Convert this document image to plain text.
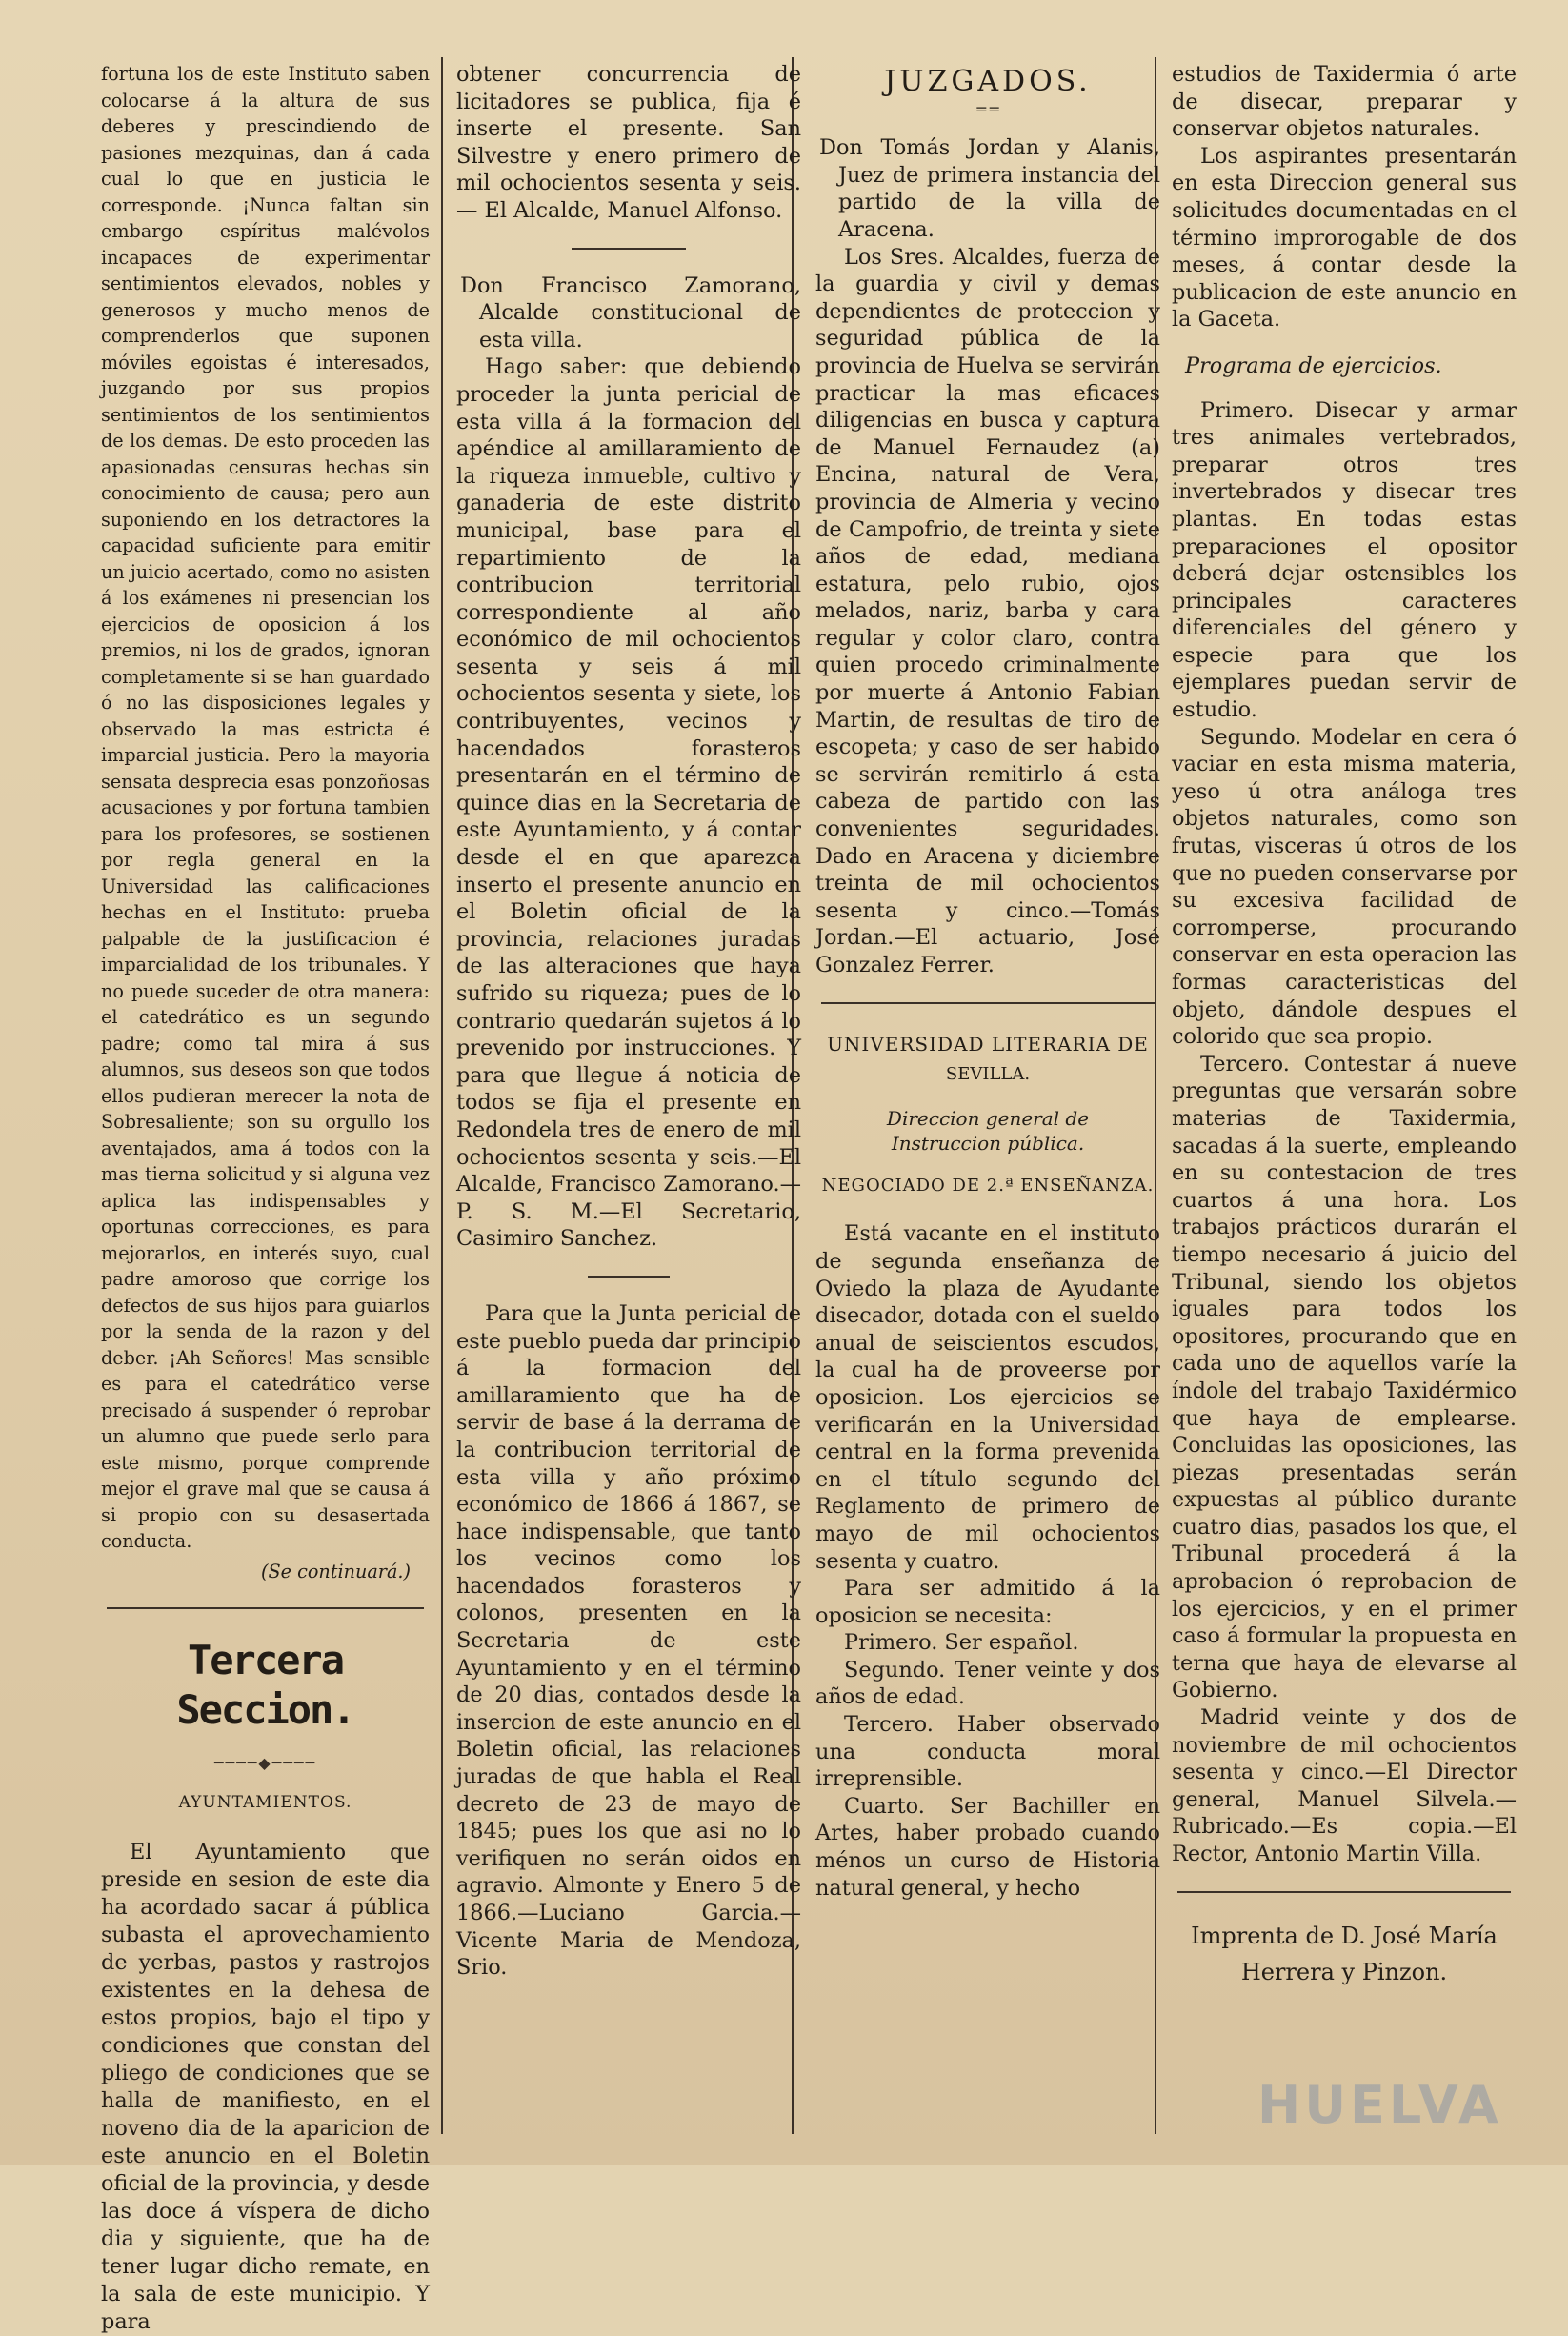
fortuna los de este Instituto saben colocarse á la altura de sus deberes y prescindiendo de pasiones mezquinas, dan á cada cual lo que en justicia le corresponde. ¡Nunca faltan sin embargo espíritus malévolos incapaces de experimentar sentimientos elevados, nobles y generosos y mucho menos de comprenderlos que suponen móviles egoistas é interesados, juzgando por sus propios sentimientos de los sentimientos de los demas. De esto proceden las apasionadas censuras hechas sin conocimiento de causa; pero aun suponiendo en los detractores la capacidad suficiente para emitir un juicio acertado, como no asisten á los exámenes ni presencian los ejercicios de oposicion á los premios, ni los de grados, ignoran completamente si se han guardado ó no las disposiciones legales y observado la mas estricta é imparcial justicia. Pero la mayoria sensata desprecia esas ponzoñosas acusaciones y por fortuna tambien para los profesores, se sostienen por regla general en la Universidad las calificaciones hechas en el Instituto: prueba palpable de la justificacion é imparcialidad de los tribunales. Y no puede suceder de otra manera: el catedrático es un segundo padre; como tal mira á sus alumnos, sus deseos son que todos ellos pudieran merecer la nota de Sobresaliente; son su orgullo los aventajados, ama á todos con la mas tierna solicitud y si alguna vez aplica las indispensables y oportunas correcciones, es para mejorarlos, en interés suyo, cual padre amoroso que corrige los defectos de sus hijos para guiarlos por la senda de la razon y del deber. ¡Ah Señores! Mas sensible es para el catedrático verse precisado á suspender ó reprobar un alumno que puede serlo para este mismo, porque comprende mejor el grave mal que se causa á si propio con su desasertada conducta.

(Se continuará.)

Tercera Seccion.
────◆────
AYUNTAMIENTOS.

El Ayuntamiento que preside en sesion de este dia ha acordado sacar á pública subasta el aprovechamiento de yerbas, pastos y rastrojos existentes en la dehesa de estos propios, bajo el tipo y condiciones que constan del pliego de condiciones que se halla de manifiesto, en el noveno dia de la aparicion de este anuncio en el Boletin oficial de la provincia, y desde las doce á víspera de dicho dia y siguiente, que ha de tener lugar dicho remate, en la sala de este municipio. Y para

obtener concurrencia de licitadores se publica, fija é inserte el presente. San Silvestre y enero primero de mil ochocientos sesenta y seis.— El Alcalde, Manuel Alfonso.

Don Francisco Zamorano, Alcalde constitucional de esta villa.

Hago saber: que debiendo proceder la junta pericial de esta villa á la formacion del apéndice al amillaramiento de la riqueza inmueble, cultivo y ganaderia de este distrito municipal, base para el repartimiento de la contribucion territorial correspondiente al año económico de mil ochocientos sesenta y seis á mil ochocientos sesenta y siete, los contribuyentes, vecinos y hacendados forasteros presentarán en el término de quince dias en la Secretaria de este Ayuntamiento, y á contar desde el en que aparezca inserto el presente anuncio en el Boletin oficial de la provincia, relaciones juradas de las alteraciones que haya sufrido su riqueza; pues de lo contrario quedarán sujetos á lo prevenido por instrucciones. Y para que llegue á noticia de todos se fija el presente en Redondela tres de enero de mil ochocientos sesenta y seis.—El Alcalde, Francisco Zamorano.—P. S. M.—El Secretario, Casimiro Sanchez.

Para que la Junta pericial de este pueblo pueda dar principio á la formacion del amillaramiento que ha de servir de base á la derrama de la contribucion territorial de esta villa y año próximo económico de 1866 á 1867, se hace indispensable, que tanto los vecinos como los hacendados forasteros y colonos, presenten en la Secretaria de este Ayuntamiento y en el término de 20 dias, contados desde la insercion de este anuncio en el Boletin oficial, las relaciones juradas de que habla el Real decreto de 23 de mayo de 1845; pues los que asi no lo verifiquen no serán oidos en agravio. Almonte y Enero 5 de 1866.—Luciano Garcia.—Vicente Maria de Mendoza, Srio.

JUZGADOS.
==

Don Tomás Jordan y Alanis, Juez de primera instancia del partido de la villa de Aracena.

Los Sres. Alcaldes, fuerza de la guardia y civil y demas dependientes de proteccion y seguridad pública de la provincia de Huelva se servirán practicar la mas eficaces diligencias en busca y captura de Manuel Fernaudez (a) Encina, natural de Vera, provincia de Almeria y vecino de Campofrio, de treinta y siete años de edad, mediana estatura, pelo rubio, ojos melados, nariz, barba y cara regular y color claro, contra quien procedo criminalmente por muerte á Antonio Fabian Martin, de resultas de tiro de escopeta; y caso de ser habido se servirán remitirlo á esta cabeza de partido con las convenientes seguridades. Dado en Aracena y diciembre treinta de mil ochocientos sesenta y cinco.—Tomás Jordan.—El actuario, José Gonzalez Ferrer.

UNIVERSIDAD LITERARIA DE
SEVILLA.
Direccion general de Instruccion pública.
NEGOCIADO DE 2.ª ENSEÑANZA.

Está vacante en el instituto de segunda enseñanza de Oviedo la plaza de Ayudante disecador, dotada con el sueldo anual de seiscientos escudos, la cual ha de proveerse por oposicion. Los ejercicios se verificarán en la Universidad central en la forma prevenida en el título segundo del Reglamento de primero de mayo de mil ochocientos sesenta y cuatro.

Para ser admitido á la oposicion se necesita:

Primero. Ser español.

Segundo. Tener veinte y dos años de edad.

Tercero. Haber observado una conducta moral irreprensible.

Cuarto. Ser Bachiller en Artes, haber probado cuando ménos un curso de Historia natural general, y hecho

estudios de Taxidermia ó arte de disecar, preparar y conservar objetos naturales.

Los aspirantes presentarán en esta Direccion general sus solicitudes documentadas en el término improrogable de dos meses, á contar desde la publicacion de este anuncio en la Gaceta.

Programa de ejercicios.

Primero. Disecar y armar tres animales vertebrados, preparar otros tres invertebrados y disecar tres plantas. En todas estas preparaciones el opositor deberá dejar ostensibles los principales caracteres diferenciales del género y especie para que los ejemplares puedan servir de estudio.

Segundo. Modelar en cera ó vaciar en esta misma materia, yeso ú otra análoga tres objetos naturales, como son frutas, visceras ú otros de los que no pueden conservarse por su excesiva facilidad de corromperse, procurando conservar en esta operacion las formas caracteristicas del objeto, dándole despues el colorido que sea propio.

Tercero. Contestar á nueve preguntas que versarán sobre materias de Taxidermia, sacadas á la suerte, empleando en su contestacion de tres cuartos á una hora. Los trabajos prácticos durarán el tiempo necesario á juicio del Tribunal, siendo los objetos iguales para todos los opositores, procurando que en cada uno de aquellos varíe la índole del trabajo Taxidérmico que haya de emplearse. Concluidas las oposiciones, las piezas presentadas serán expuestas al público durante cuatro dias, pasados los que, el Tribunal procederá á la aprobacion ó reprobacion de los ejercicios, y en el primer caso á formular la propuesta en terna que haya de elevarse al Gobierno.

Madrid veinte y dos de noviembre de mil ochocientos sesenta y cinco.—El Director general, Manuel Silvela.—Rubricado.—Es copia.—El Rector, Antonio Martin Villa.

Imprenta de D. José María
Herrera y Pinzon.
HUELVA
